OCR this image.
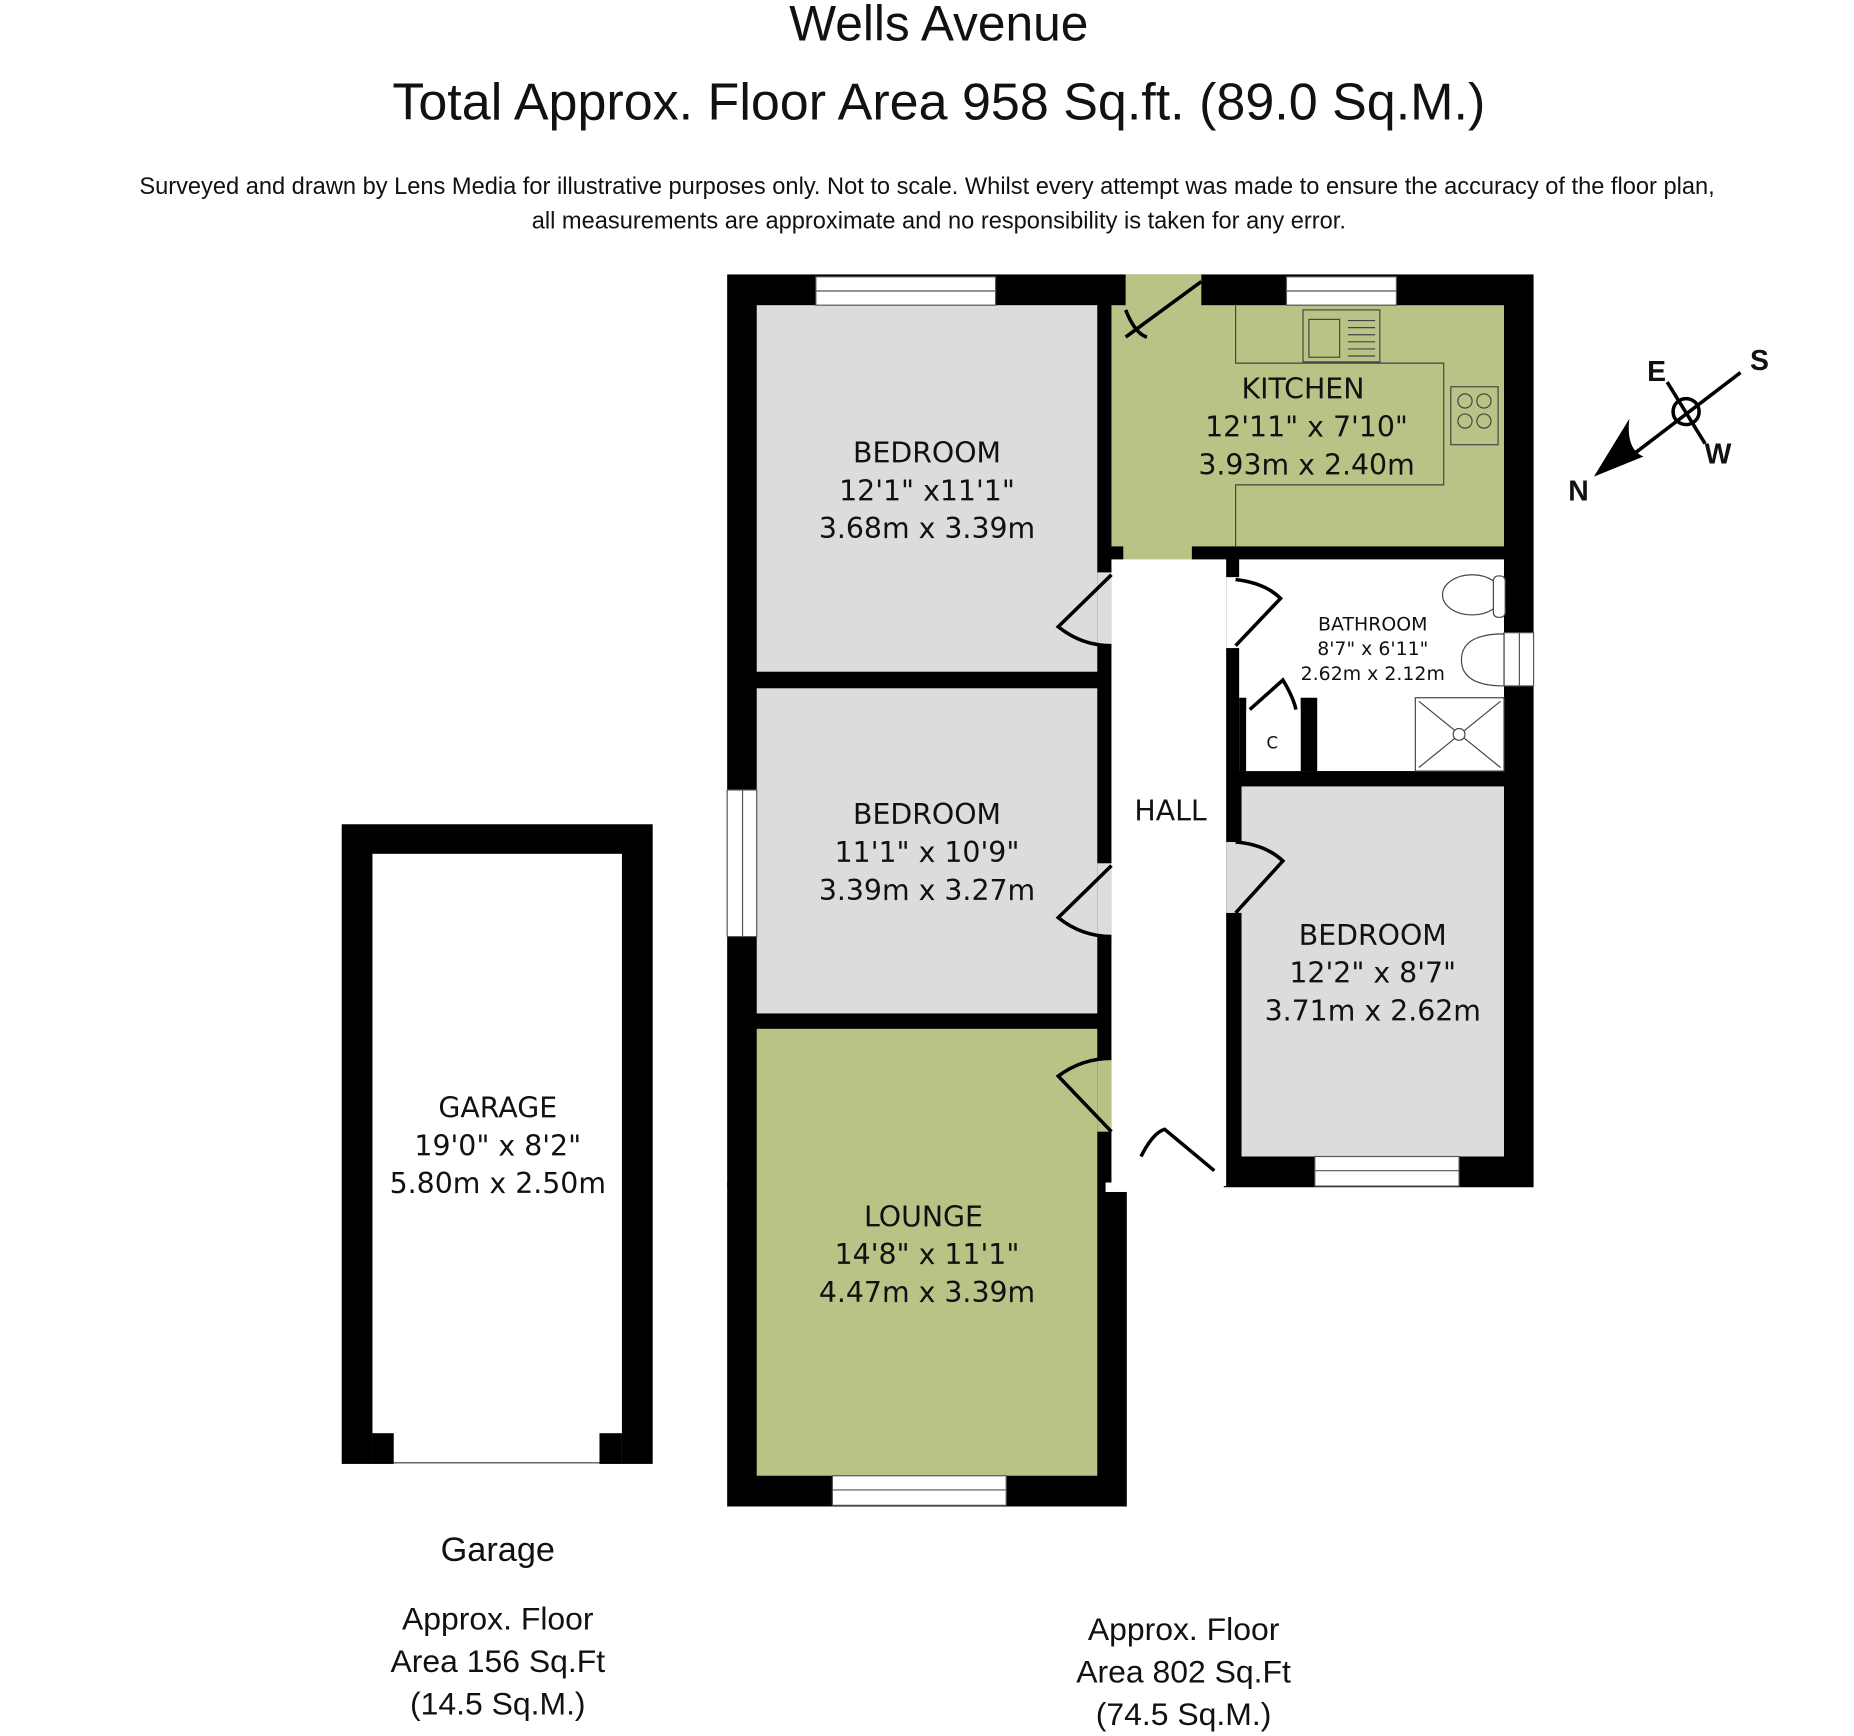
Wells Avenue
Total Approx. Floor Area 958 Sq.ft. (89.0 Sq.M.)
Surveyed and drawn by Lens Media for illustrative purposes only. Not to scale. Whilst every attempt was made to ensure the accuracy of the floor plan,
all measurements are approximate and no responsibility is taken for any error.
BEDROOM
12'1" x11'1"
3.68m x 3.39m
BEDROOM
11'1" x 10'9"
3.39m x 3.27m
LOUNGE
14'8" x 11'1"
4.47m x 3.39m
KITCHEN
12'11" x 7'10"
3.93m x 2.40m
BATHROOM
8'7" x 6'11"
2.62m x 2.12m
C
HALL
BEDROOM
12'2" x 8'7"
3.71m x 2.62m
GARAGE
19'0" x 8'2"
5.80m x 2.50m
E	S
W
N
Garage
Approx. Floor
Area 156 Sq.Ft
(14.5 Sq.M.)
Approx. Floor
Area 802 Sq.Ft
(74.5 Sq.M.)
